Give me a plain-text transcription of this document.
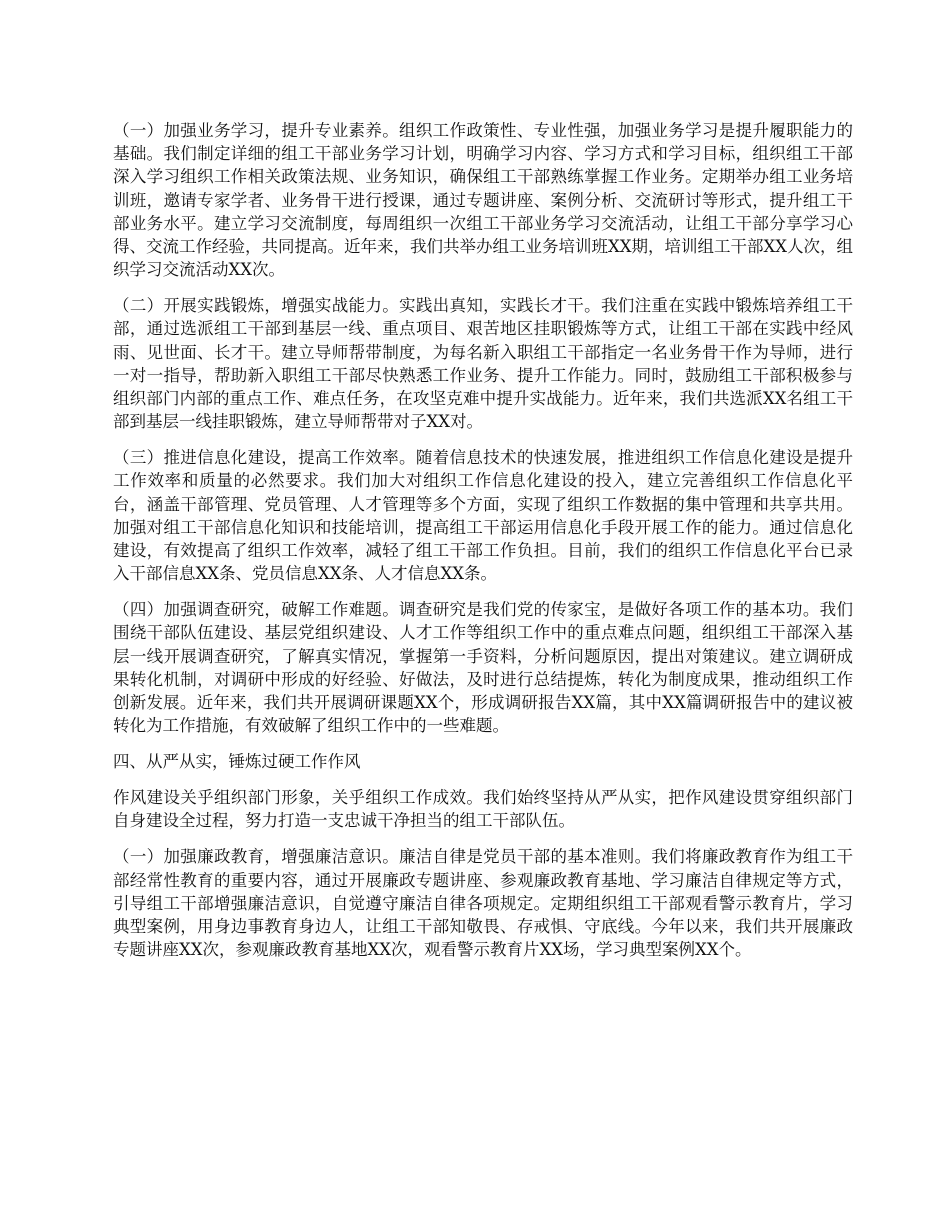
（一）加强业务学习，提升专业素养。组织工作政策性、专业性强，加强业务学习是提升履职能力的基础。我们制定详细的组工干部业务学习计划，明确学习内容、学习方式和学习目标，组织组工干部深入学习组织工作相关政策法规、业务知识，确保组工干部熟练掌握工作业务。定期举办组工业务培训班，邀请专家学者、业务骨干进行授课，通过专题讲座、案例分析、交流研讨等形式，提升组工干部业务水平。建立学习交流制度，每周组织一次组工干部业务学习交流活动，让组工干部分享学习心得、交流工作经验，共同提高。近年来，我们共举办组工业务培训班XX期，培训组工干部XX人次，组织学习交流活动XX次。

（二）开展实践锻炼，增强实战能力。实践出真知，实践长才干。我们注重在实践中锻炼培养组工干部，通过选派组工干部到基层一线、重点项目、艰苦地区挂职锻炼等方式，让组工干部在实践中经风雨、见世面、长才干。建立导师帮带制度，为每名新入职组工干部指定一名业务骨干作为导师，进行一对一指导，帮助新入职组工干部尽快熟悉工作业务、提升工作能力。同时，鼓励组工干部积极参与组织部门内部的重点工作、难点任务，在攻坚克难中提升实战能力。近年来，我们共选派XX名组工干部到基层一线挂职锻炼，建立导师帮带对子XX对。

（三）推进信息化建设，提高工作效率。随着信息技术的快速发展，推进组织工作信息化建设是提升工作效率和质量的必然要求。我们加大对组织工作信息化建设的投入，建立完善组织工作信息化平台，涵盖干部管理、党员管理、人才管理等多个方面，实现了组织工作数据的集中管理和共享共用。加强对组工干部信息化知识和技能培训，提高组工干部运用信息化手段开展工作的能力。通过信息化建设，有效提高了组织工作效率，减轻了组工干部工作负担。目前，我们的组织工作信息化平台已录入干部信息XX条、党员信息XX条、人才信息XX条。

（四）加强调查研究，破解工作难题。调查研究是我们党的传家宝，是做好各项工作的基本功。我们围绕干部队伍建设、基层党组织建设、人才工作等组织工作中的重点难点问题，组织组工干部深入基层一线开展调查研究，了解真实情况，掌握第一手资料，分析问题原因，提出对策建议。建立调研成果转化机制，对调研中形成的好经验、好做法，及时进行总结提炼，转化为制度成果，推动组织工作创新发展。近年来，我们共开展调研课题XX个，形成调研报告XX篇，其中XX篇调研报告中的建议被转化为工作措施，有效破解了组织工作中的一些难题。

四、从严从实，锤炼过硬工作作风

作风建设关乎组织部门形象，关乎组织工作成效。我们始终坚持从严从实，把作风建设贯穿组织部门自身建设全过程，努力打造一支忠诚干净担当的组工干部队伍。

（一）加强廉政教育，增强廉洁意识。廉洁自律是党员干部的基本准则。我们将廉政教育作为组工干部经常性教育的重要内容，通过开展廉政专题讲座、参观廉政教育基地、学习廉洁自律规定等方式，引导组工干部增强廉洁意识，自觉遵守廉洁自律各项规定。定期组织组工干部观看警示教育片，学习典型案例，用身边事教育身边人，让组工干部知敬畏、存戒惧、守底线。今年以来，我们共开展廉政专题讲座XX次，参观廉政教育基地XX次，观看警示教育片XX场，学习典型案例XX个。
